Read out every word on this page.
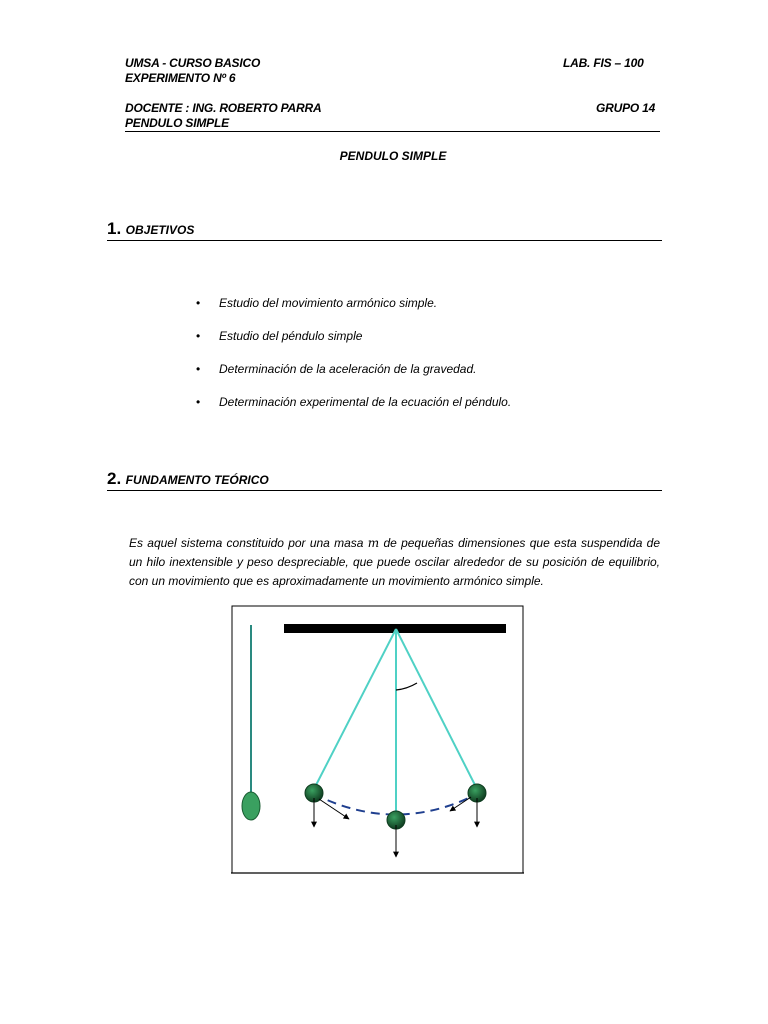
UMSA - CURSO BASICO	LAB. FIS – 100
EXPERIMENTO Nº 6
DOCENTE : ING. ROBERTO PARRA	GRUPO 14
PENDULO SIMPLE
PENDULO SIMPLE
1. OBJETIVOS
• Estudio del movimiento armónico simple.
• Estudio del péndulo simple
• Determinación de la aceleración de la gravedad.
• Determinación experimental de la ecuación el péndulo.
2. FUNDAMENTO TEÓRICO
Es aquel sistema constituido por una masa m de pequeñas dimensiones que esta suspendida de un hilo inextensible y peso despreciable, que puede oscilar alrededor de su posición de equilibrio, con un movimiento que es aproximadamente un movimiento armónico simple.
